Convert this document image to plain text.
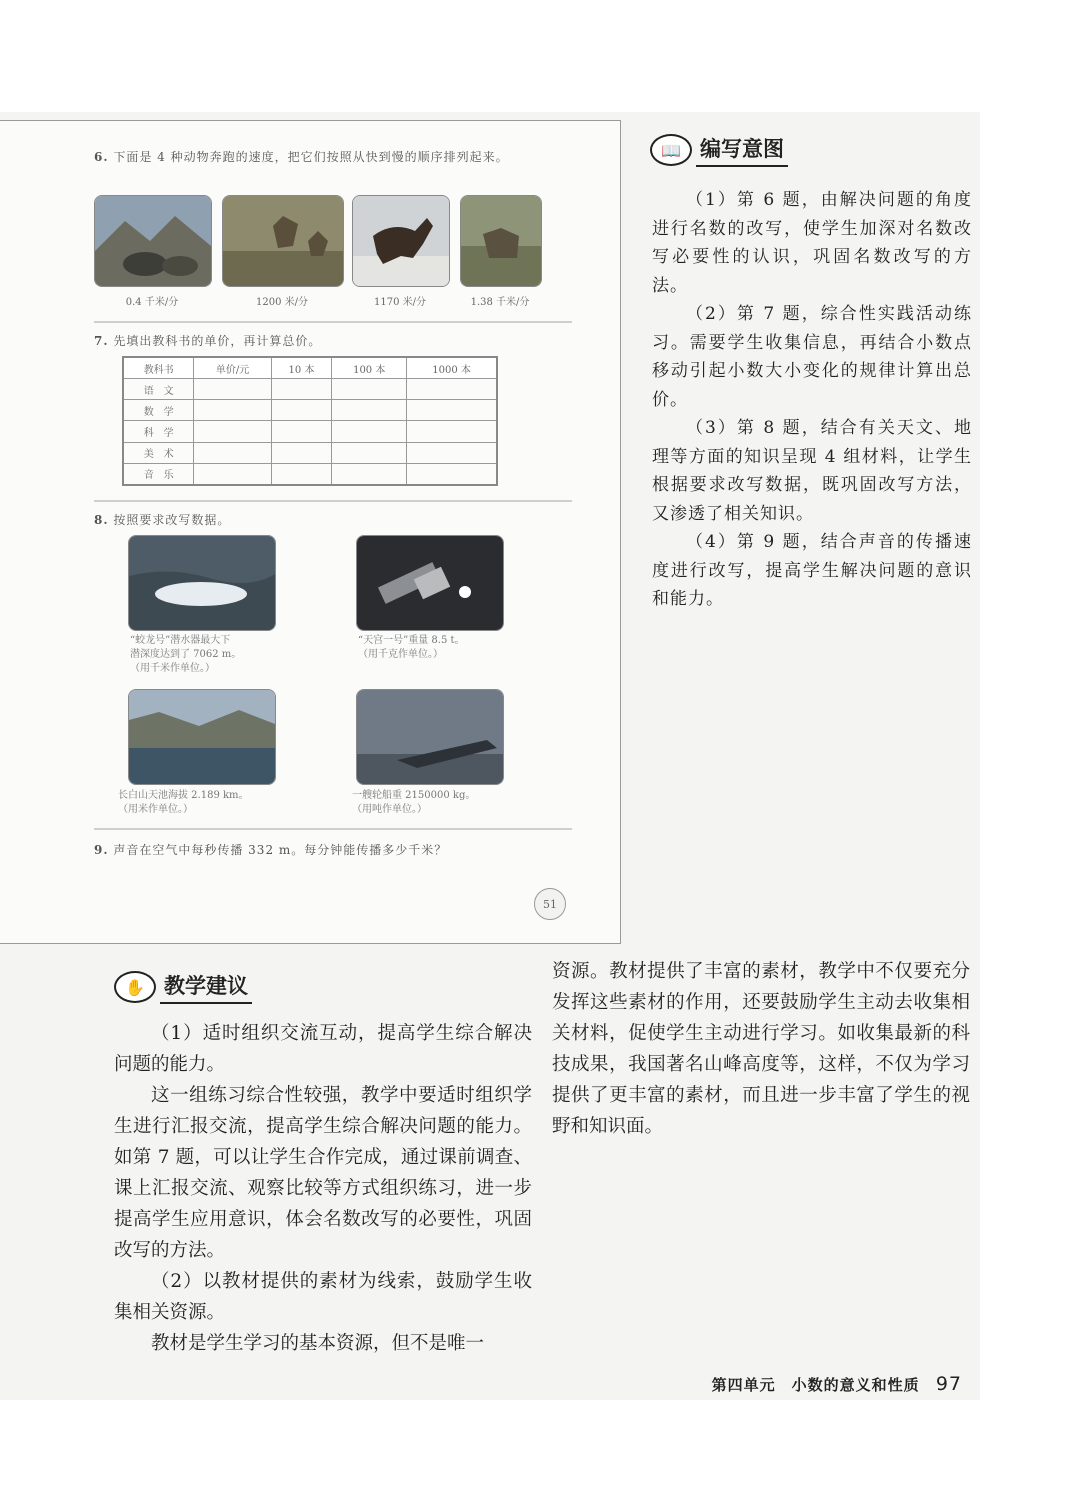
6. 下面是 4 种动物奔跑的速度，把它们按照从快到慢的顺序排列起来。
0.4 千米/分	1200 米/分	1170 米/分	1.38 千米/分
7. 先填出教科书的单价，再计算总价。
教科书	单价/元	10 本	100 本	1000 本
语　文				
数　学				
科　学				
美　术				
音　乐				
8. 按照要求改写数据。
“蛟龙号”潜水器最大下
潜深度达到了 7062 m。
（用千米作单位。）
“天宫一号”重量 8.5 t。
（用千克作单位。）
长白山天池海拔 2.189 km。
（用米作单位。）
一艘轮船重 2150000 kg。
（用吨作单位。）
9. 声音在空气中每秒传播 332 m。每分钟能传播多少千米？
51
📖 编写意图

（1）第 6 题，由解决问题的角度进行名数的改写，使学生加深对名数改写必要性的认识，巩固名数改写的方法。

（2）第 7 题，综合性实践活动练习。需要学生收集信息，再结合小数点移动引起小数大小变化的规律计算出总价。

（3）第 8 题，结合有关天文、地理等方面的知识呈现 4 组材料，让学生根据要求改写数据，既巩固改写方法，又渗透了相关知识。

（4）第 9 题，结合声音的传播速度进行改写，提高学生解决问题的意识和能力。

✋ 教学建议

（1）适时组织交流互动，提高学生综合解决问题的能力。

这一组练习综合性较强，教学中要适时组织学生进行汇报交流，提高学生综合解决问题的能力。如第 7 题，可以让学生合作完成，通过课前调查、课上汇报交流、观察比较等方式组织练习，进一步提高学生应用意识，体会名数改写的必要性，巩固改写的方法。

（2）以教材提供的素材为线索，鼓励学生收集相关资源。

教材是学生学习的基本资源，但不是唯一

资源。教材提供了丰富的素材，教学中不仅要充分发挥这些素材的作用，还要鼓励学生主动去收集相关材料，促使学生主动进行学习。如收集最新的科技成果，我国著名山峰高度等，这样，不仅为学习提供了更丰富的素材，而且进一步丰富了学生的视野和知识面。

第四单元　小数的意义和性质 97
